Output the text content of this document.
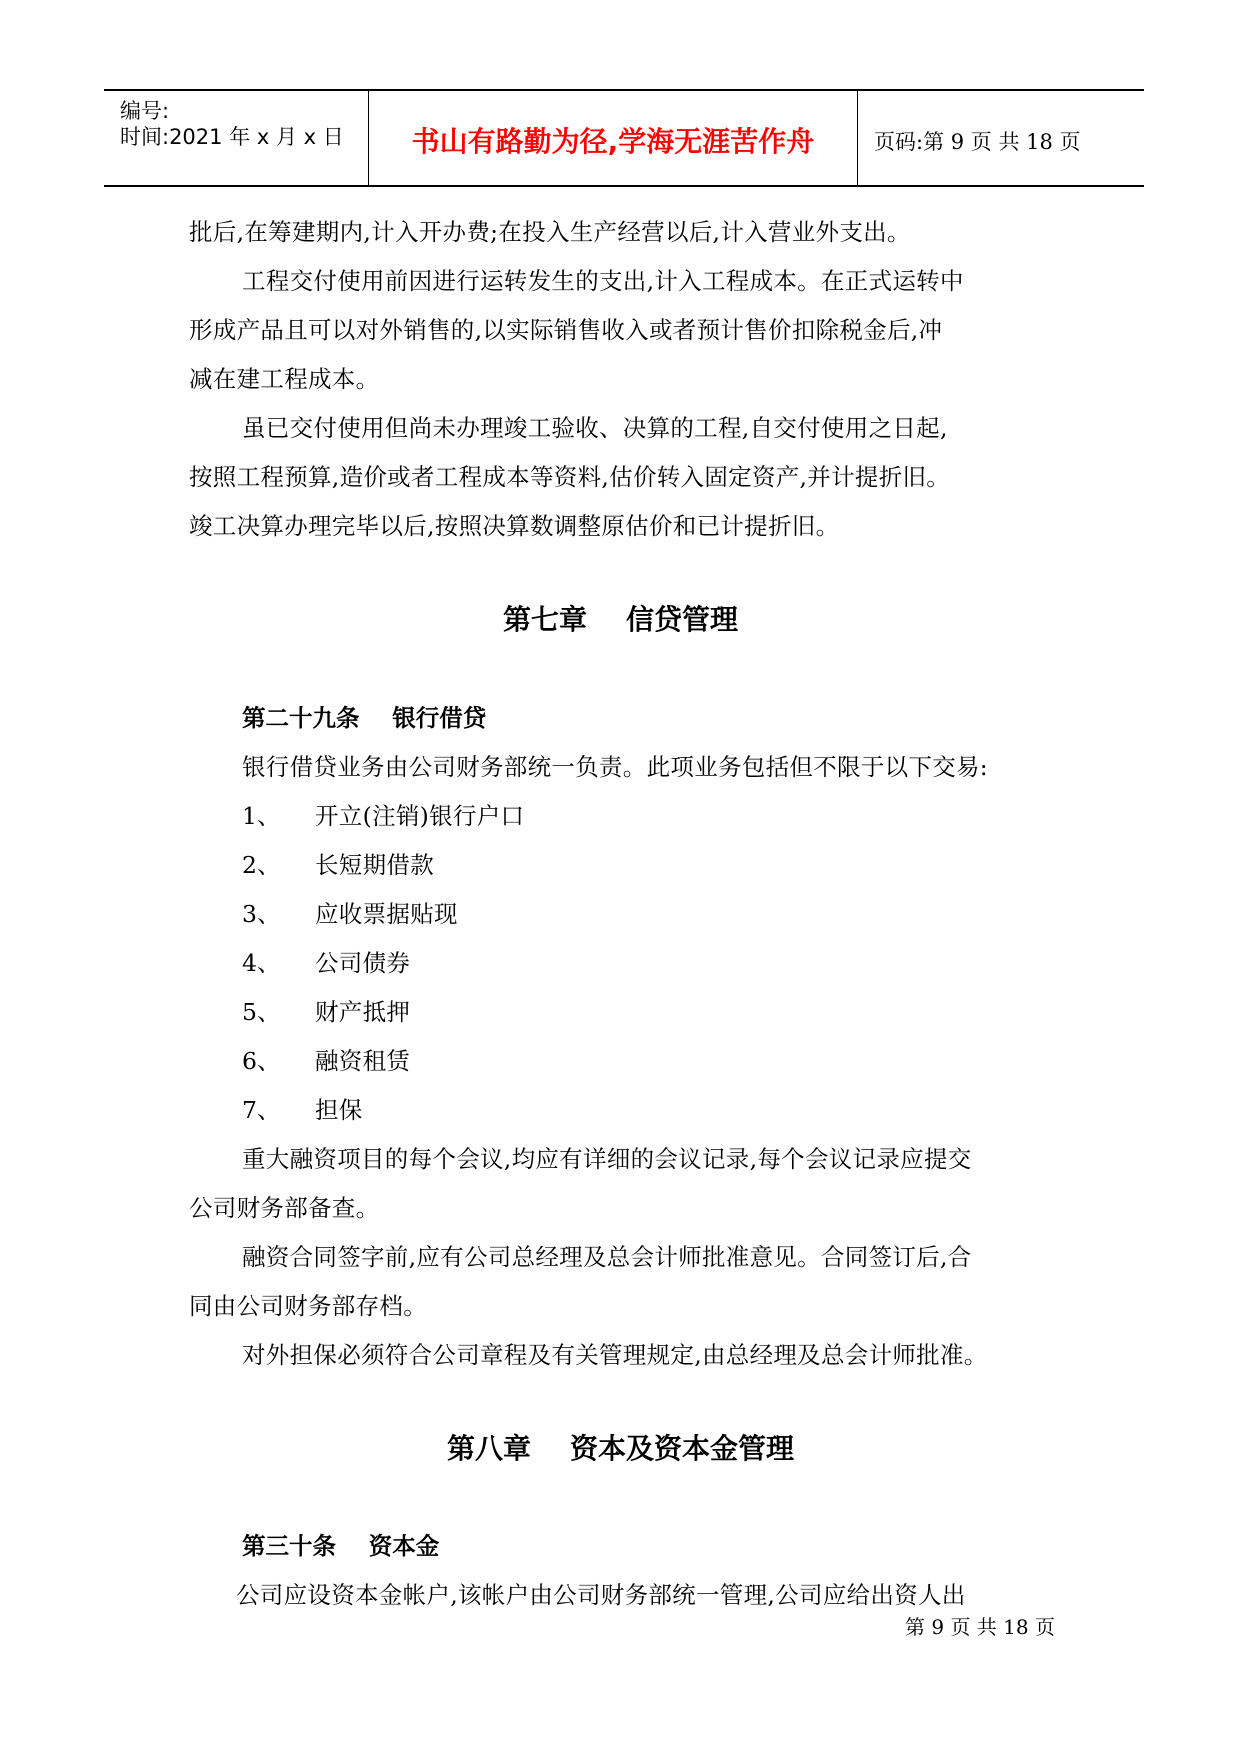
编号:
时间:2021 年 x 月 x 日	书山有路勤为径,学海无涯苦作舟	页码:第 9 页 共 18 页
批后,在筹建期内,计入开办费;在投入生产经营以后,计入营业外支出。
工程交付使用前因进行运转发生的支出,计入工程成本。在正式运转中
形成产品且可以对外销售的,以实际销售收入或者预计售价扣除税金后,冲
减在建工程成本。
虽已交付使用但尚未办理竣工验收、决算的工程,自交付使用之日起,
按照工程预算,造价或者工程成本等资料,估价转入固定资产,并计提折旧。
竣工决算办理完毕以后,按照决算数调整原估价和已计提折旧。
第七章    信贷管理
第二十九条    银行借贷
银行借贷业务由公司财务部统一负责。此项业务包括但不限于以下交易:
1、 开立(注销)银行户口
2、 长短期借款
3、 应收票据贴现
4、 公司债券
5、 财产抵押
6、 融资租赁
7、 担保
重大融资项目的每个会议,均应有详细的会议记录,每个会议记录应提交
公司财务部备查。
融资合同签字前,应有公司总经理及总会计师批准意见。合同签订后,合
同由公司财务部存档。
对外担保必须符合公司章程及有关管理规定,由总经理及总会计师批准。
第八章    资本及资本金管理
第三十条    资本金
公司应设资本金帐户,该帐户由公司财务部统一管理,公司应给出资人出
第 9 页 共 18 页
